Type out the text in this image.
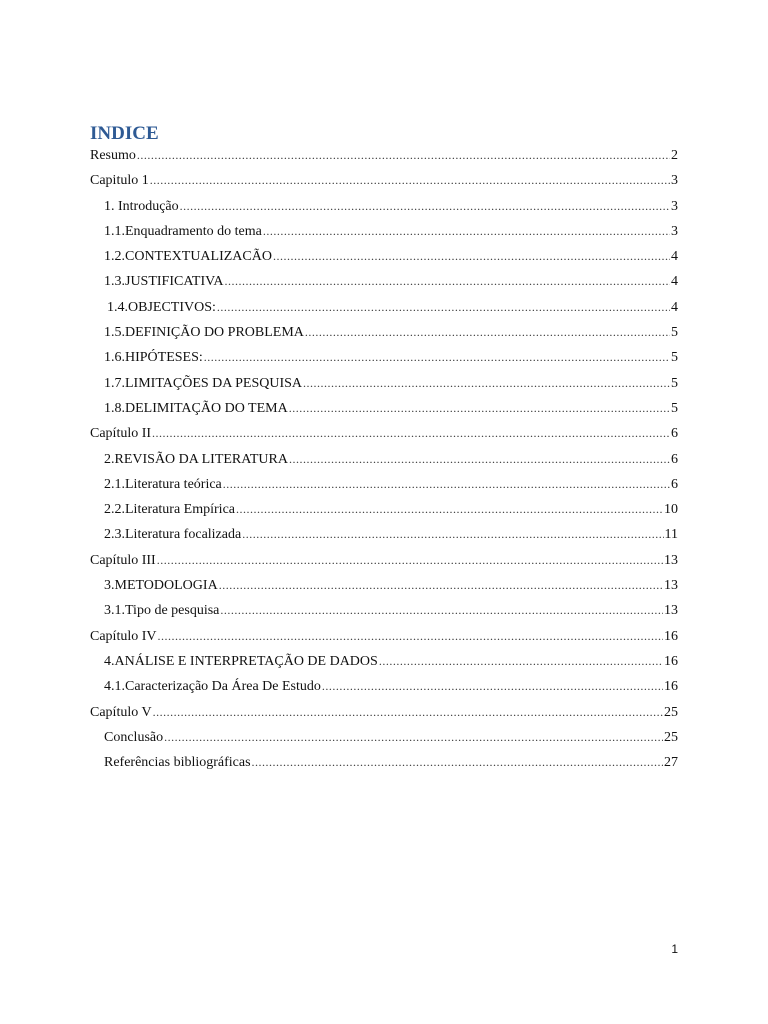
INDICE
Resumo .....	2
Capitulo 1 .....	3
1. Introdução .....	3
1.1.Enquadramento do tema .....	3
1.2.CONTEXTUALIZACÃO .....	4
1.3.JUSTIFICATIVA .....	4
1.4.OBJECTIVOS: .....	4
1.5.DEFINIÇÃO DO PROBLEMA .....	5
1.6.HIPÓTESES: .....	5
1.7.LIMITAÇÕES DA PESQUISA .....	5
1.8.DELIMITAÇÃO DO TEMA .....	5
Capítulo II .....	6
2.REVISÃO DA LITERATURA .....	6
2.1.Literatura teórica .....	6
2.2.Literatura Empírica .....	10
2.3.Literatura focalizada .....	11
Capítulo III .....	13
3.METODOLOGIA .....	13
3.1.Tipo de pesquisa .....	13
Capítulo IV .....	16
4.ANÁLISE E INTERPRETAÇÃO DE DADOS .....	16
4.1.Caracterização Da Área De Estudo .....	16
Capítulo V .....	25
Conclusão .....	25
Referências bibliográficas .....	27
1
